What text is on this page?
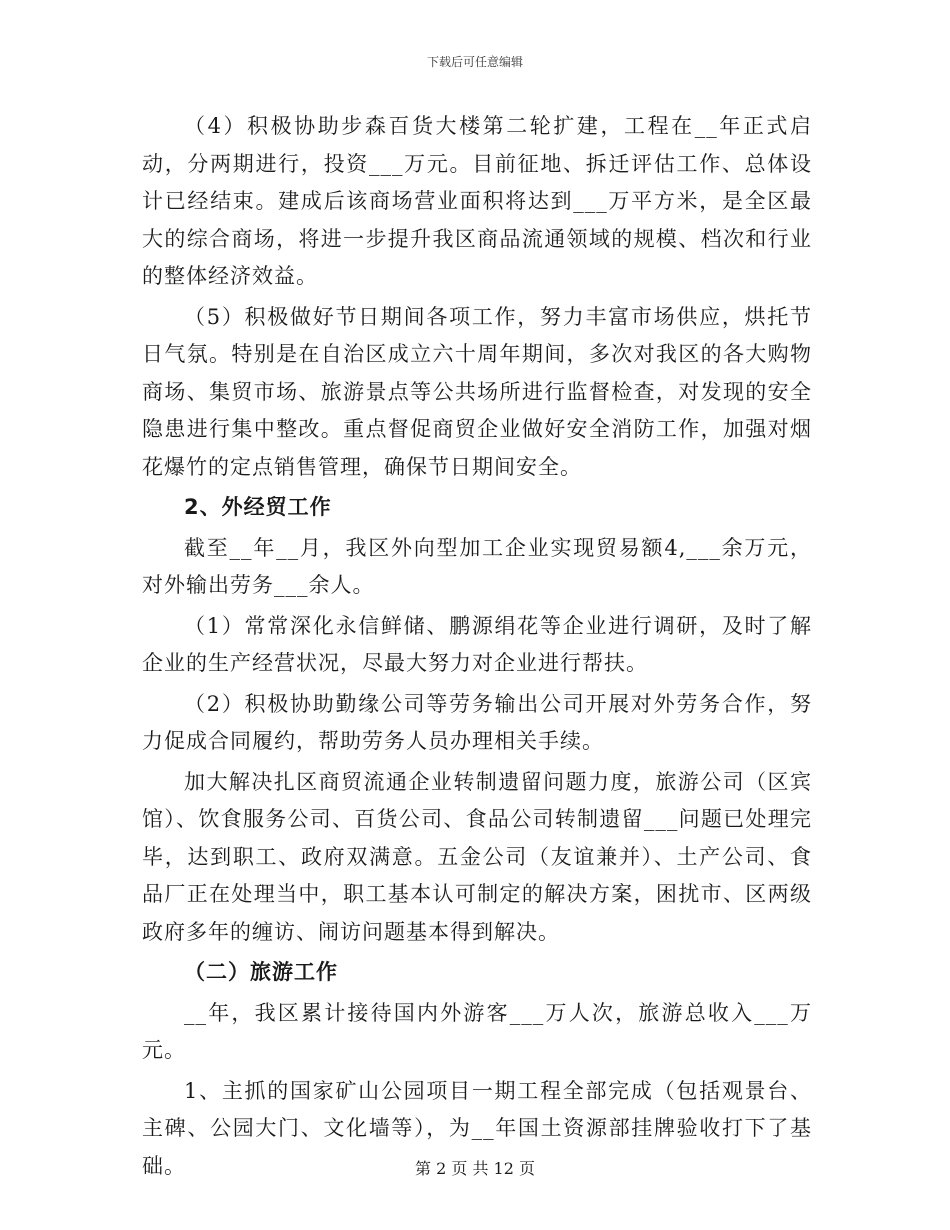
下载后可任意编辑

（4）积极协助步森百货大楼第二轮扩建，工程在__年正式启动，分两期进行，投资___万元。目前征地、拆迁评估工作、总体设计已经结束。建成后该商场营业面积将达到___万平方米，是全区最大的综合商场，将进一步提升我区商品流通领域的规模、档次和行业的整体经济效益。

（5）积极做好节日期间各项工作，努力丰富市场供应，烘托节日气氛。特别是在自治区成立六十周年期间，多次对我区的各大购物商场、集贸市场、旅游景点等公共场所进行监督检查，对发现的安全隐患进行集中整改。重点督促商贸企业做好安全消防工作，加强对烟花爆竹的定点销售管理，确保节日期间安全。

2、外经贸工作

截至__年__月，我区外向型加工企业实现贸易额4,___余万元，对外输出劳务___余人。

（1）常常深化永信鲜储、鹏源绢花等企业进行调研，及时了解企业的生产经营状况，尽最大努力对企业进行帮扶。

（2）积极协助勤缘公司等劳务输出公司开展对外劳务合作，努力促成合同履约，帮助劳务人员办理相关手续。

加大解决扎区商贸流通企业转制遗留问题力度，旅游公司（区宾馆）、饮食服务公司、百货公司、食品公司转制遗留___问题已处理完毕，达到职工、政府双满意。五金公司（友谊兼并）、土产公司、食品厂正在处理当中，职工基本认可制定的解决方案，困扰市、区两级政府多年的缠访、闹访问题基本得到解决。

（二）旅游工作

__年，我区累计接待国内外游客___万人次，旅游总收入___万元。

1、主抓的国家矿山公园项目一期工程全部完成（包括观景台、主碑、公园大门、文化墙等），为__年国土资源部挂牌验收打下了基础。	第 2 页 共 12 页
